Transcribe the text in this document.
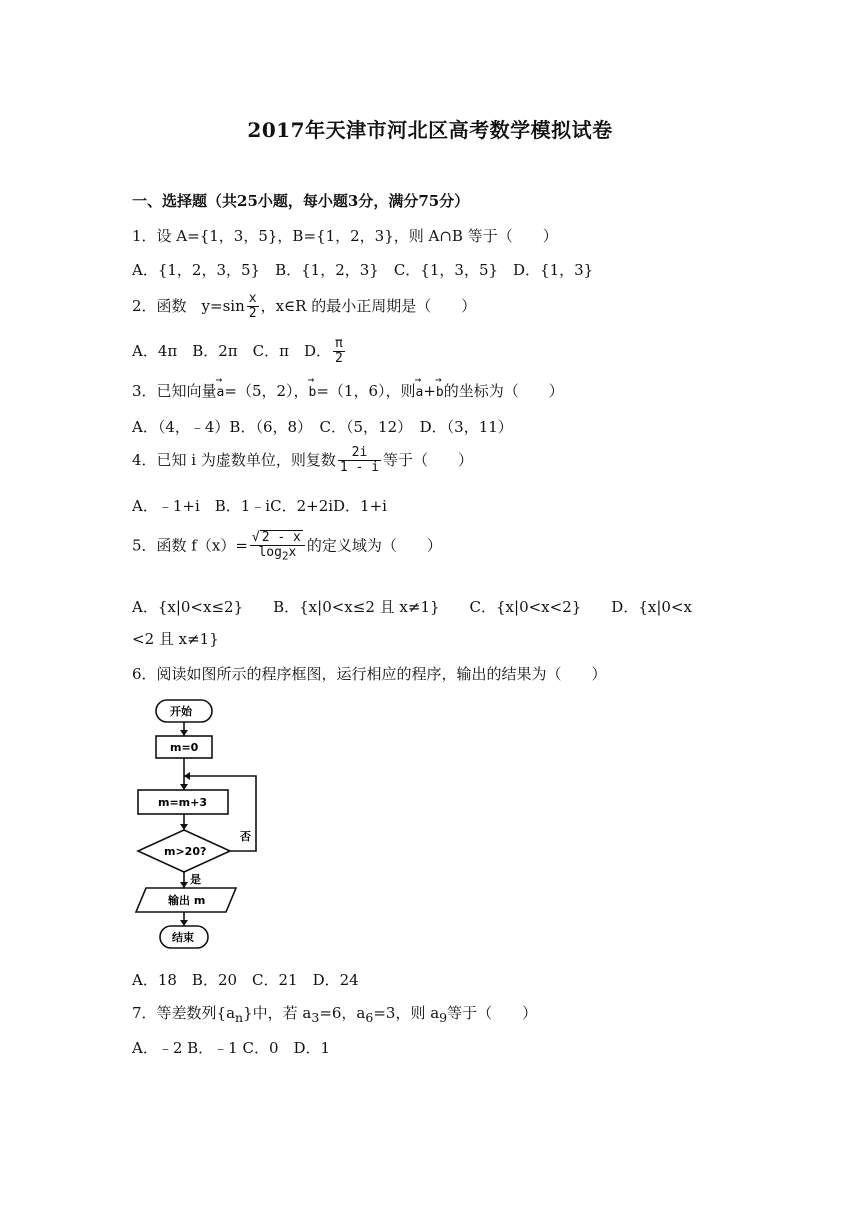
2017年天津市河北区高考数学模拟试卷
一、选择题（共25小题，每小题3分，满分75分）
1．设 A={1，3，5}，B={1，2，3}，则 A∩B 等于（　　）
A．{1，2，3，5}　B．{1，2，3}　C．{1，3，5}　D．{1，3}
2．函数　$y=\sin \frac{x}{2}$ ，x∈R 的最小正周期是（　　）
A．4π　B．2π　C．π　D． $\frac{\pi}{2}$
3．已知向量→ a=（5，2），→ b=（1，6），则→ a+→ b的坐标为（　　）
A．（4，﹣4）B．（6，8）　C．（5，12）　D．（3，11）
4．已知 i 为虚数单位，则复数 $\frac{2i}{1 - i}$ 等于（　　）
A．﹣1+i　B．1﹣iC．2+2iD．1+i
5．函数 $f(x)= \frac{√ 2 - x}{\log_2x}$ 的定义域为（　　）
A．{x|0<x≤2}　　B．{x|0<x≤2 且 x≠1}　　C．{x|0<x<2}　　D．{x|0<x
<2 且 x≠1}
6．阅读如图所示的程序框图，运行相应的程序，输出的结果为（　　）
开始
m=0
m=m+3
m>20?
否
是
输出 m
结束
A．18　B．20　C．21　D．24
7．等差数列$\{a_n\}$中，若 $a_3=6$，$a_6=3$，则 $a_9$等于（　　）
A．﹣2 B．﹣1 C．0　D．1
